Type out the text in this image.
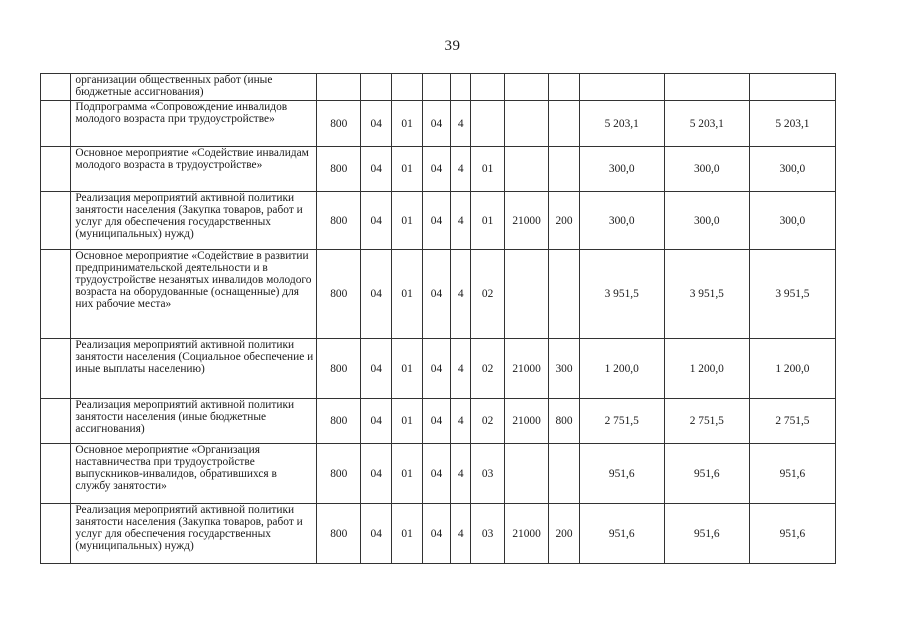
39
	организации общественных работ (иные бюджетные ассигнования)											
	Подпрограмма «Сопровождение инвалидов молодого возраста при трудоустройстве»	800	04	01	04	4				5 203,1	5 203,1	5 203,1
	Основное мероприятие «Содействие инвалидам молодого возраста в трудоустройстве»	800	04	01	04	4	01			300,0	300,0	300,0
	Реализация мероприятий активной политики занятости населения (Закупка товаров, работ и услуг для обеспечения государственных (муниципальных) нужд)	800	04	01	04	4	01	21000	200	300,0	300,0	300,0
	Основное мероприятие «Содействие в развитии предпринимательской деятельности и в трудоустройстве незанятых инвалидов молодого возраста на оборудованные (оснащенные) для них рабочие места»	800	04	01	04	4	02			3 951,5	3 951,5	3 951,5
	Реализация мероприятий активной политики занятости населения (Социальное обеспечение и иные выплаты населению)	800	04	01	04	4	02	21000	300	1 200,0	1 200,0	1 200,0
	Реализация мероприятий активной политики занятости населения (иные бюджетные ассигнования)	800	04	01	04	4	02	21000	800	2 751,5	2 751,5	2 751,5
	Основное мероприятие «Организация наставничества при трудоустройстве выпускников-инвалидов, обратившихся в службу занятости»	800	04	01	04	4	03			951,6	951,6	951,6
	Реализация мероприятий активной политики занятости населения (Закупка товаров, работ и услуг для обеспечения государственных (муниципальных) нужд)	800	04	01	04	4	03	21000	200	951,6	951,6	951,6
